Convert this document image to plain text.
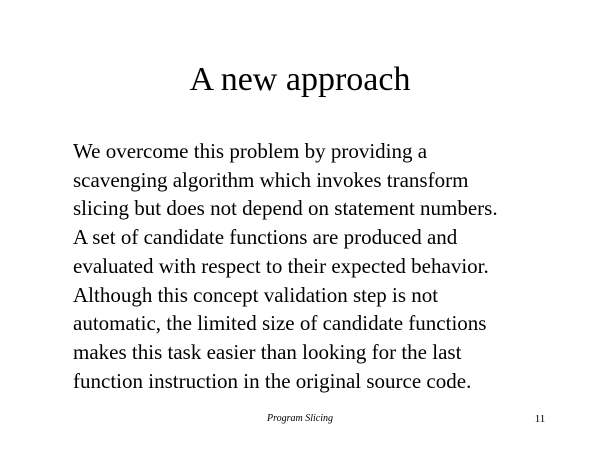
A new approach
We overcome this problem by providing a
scavenging algorithm which invokes transform
slicing but does not depend on statement numbers.
A set of candidate functions are produced and
evaluated with respect to their expected behavior.
Although this concept validation step is not
automatic, the limited size of candidate functions
makes this task easier than looking for the last
function instruction in the original source code.
Program Slicing	11
